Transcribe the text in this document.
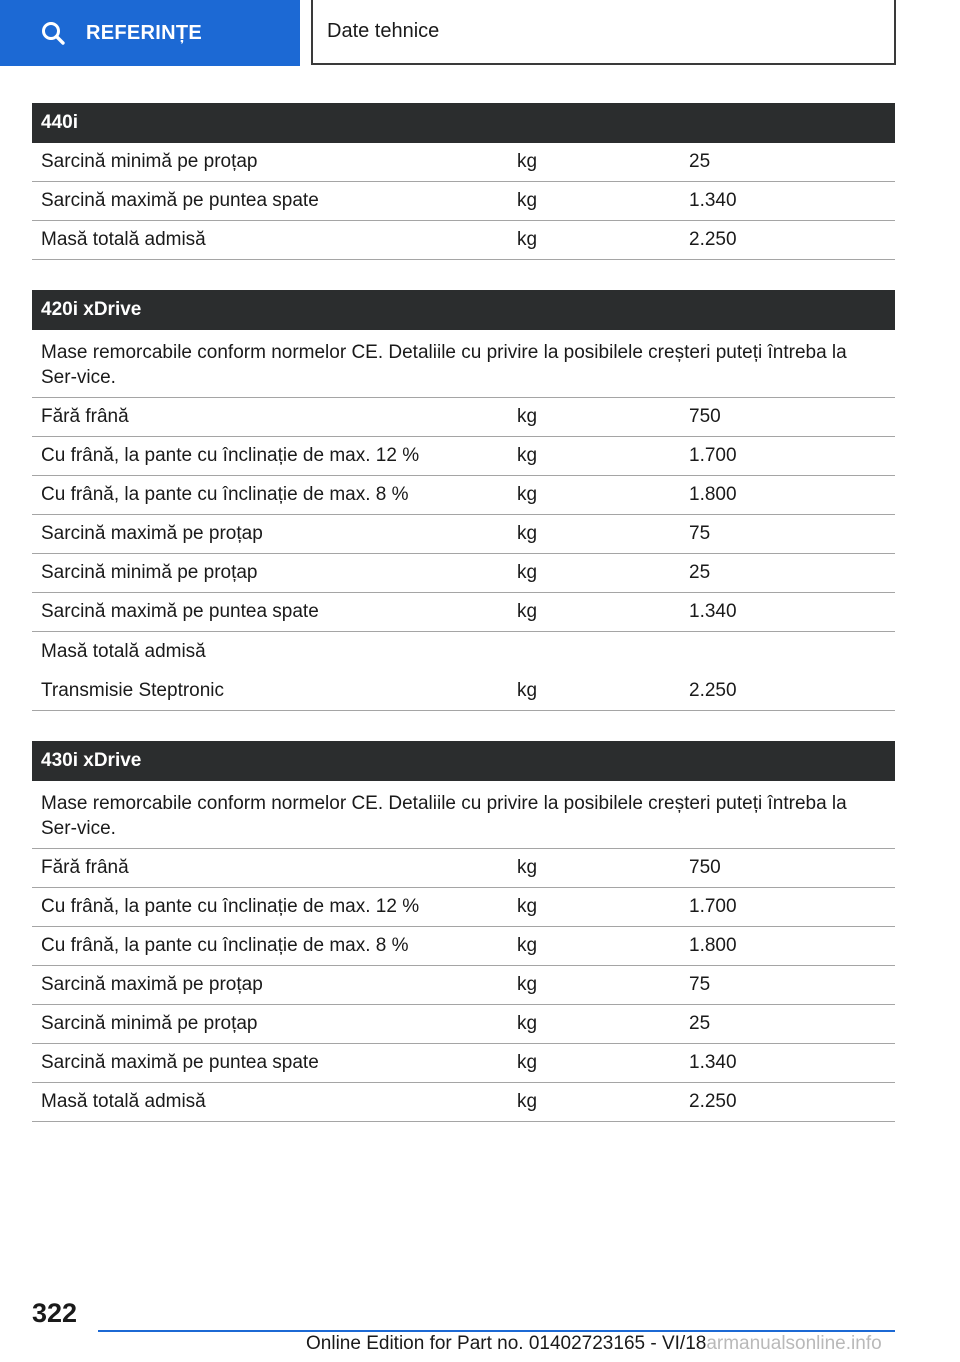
REFERINȚE	Date tehnice
440i
Sarcină minimă pe proțap	kg	25
Sarcină maximă pe puntea spate	kg	1.340
Masă totală admisă	kg	2.250
420i xDrive
Mase remorcabile conform normelor CE. Detaliile cu privire la posibilele creșteri puteți întreba la Ser-vice.
Fără frână	kg	750
Cu frână, la pante cu înclinație de max. 12 %	kg	1.700
Cu frână, la pante cu înclinație de max. 8 %	kg	1.800
Sarcină maximă pe proțap	kg	75
Sarcină minimă pe proțap	kg	25
Sarcină maximă pe puntea spate	kg	1.340
Masă totală admisă
Transmisie Steptronic	kg	2.250
430i xDrive
Mase remorcabile conform normelor CE. Detaliile cu privire la posibilele creșteri puteți întreba la Ser-vice.
Fără frână	kg	750
Cu frână, la pante cu înclinație de max. 12 %	kg	1.700
Cu frână, la pante cu înclinație de max. 8 %	kg	1.800
Sarcină maximă pe proțap	kg	75
Sarcină minimă pe proțap	kg	25
Sarcină maximă pe puntea spate	kg	1.340
Masă totală admisă	kg	2.250
322
Online Edition for Part no. 01402723165 - VI/18armanualsonline.info
